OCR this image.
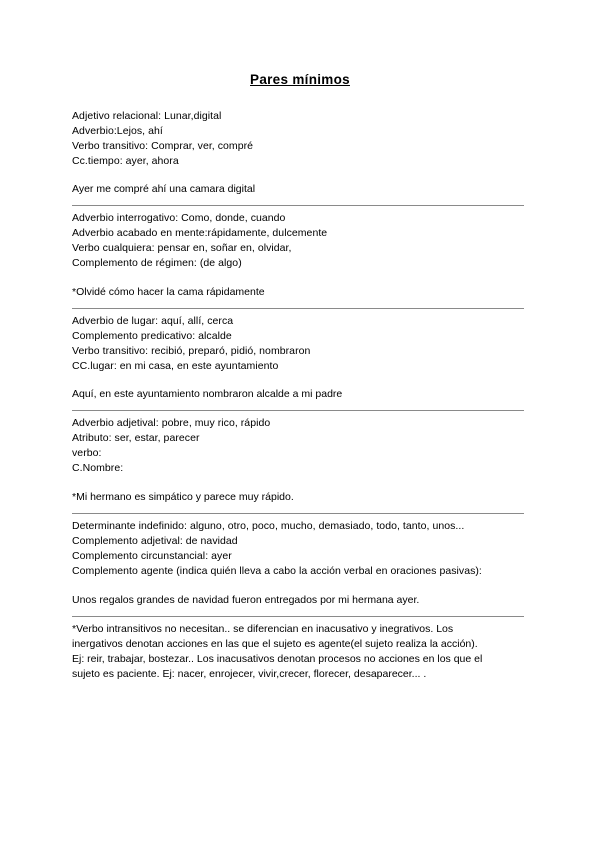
Pares mínimos
Adjetivo relacional: Lunar,digital
Adverbio:Lejos, ahí
Verbo transitivo: Comprar, ver, compré
Cc.tiempo: ayer, ahora
Ayer me compré ahí una camara digital
Adverbio interrogativo: Como, donde, cuando
Adverbio acabado en mente:rápidamente, dulcemente
Verbo cualquiera: pensar en, soñar en, olvidar,
Complemento de régimen: (de algo)
*Olvidé cómo hacer la cama rápidamente
Adverbio de lugar: aquí, allí, cerca
Complemento predicativo: alcalde
Verbo transitivo: recibió, preparó, pidió, nombraron
CC.lugar: en mi casa, en este ayuntamiento
Aquí, en este ayuntamiento nombraron alcalde a mi padre
Adverbio adjetival: pobre, muy rico, rápido
Atributo: ser, estar, parecer
verbo:
C.Nombre:
*Mi hermano es simpático y parece muy rápido.
Determinante indefinido: alguno, otro, poco, mucho, demasiado, todo, tanto, unos...
Complemento adjetival: de navidad
Complemento circunstancial: ayer
Complemento agente (indica quién lleva a cabo la acción verbal en oraciones pasivas):
Unos regalos grandes de navidad fueron entregados por mi hermana ayer.
*Verbo intransitivos no necesitan.. se diferencian en inacusativo y inegrativos. Los
inergativos denotan acciones en las que el sujeto es agente(el sujeto realiza la acción).
Ej: reir, trabajar, bostezar.. Los inacusativos denotan procesos no acciones en los que el
sujeto es paciente. Ej: nacer, enrojecer, vivir,crecer, florecer, desaparecer... .
